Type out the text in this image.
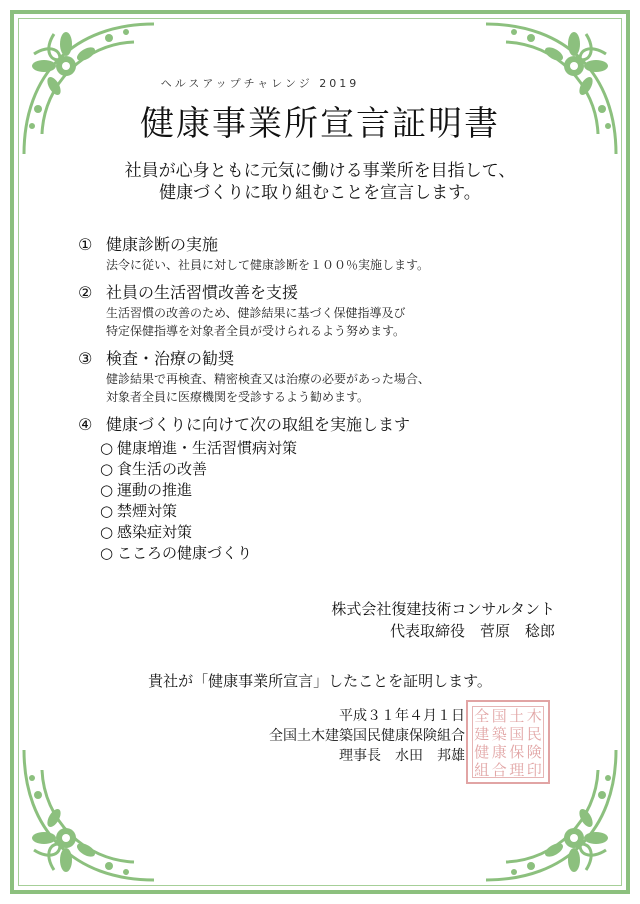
ヘルスアップチャレンジ 2019
健康事業所宣言証明書
社員が心身ともに元気に働ける事業所を目指して、
健康づくりに取り組むことを宣言します。
① 健康診断の実施
法令に従い、社員に対して健康診断を１００％実施します。
② 社員の生活習慣改善を支援
生活習慣の改善のため、健診結果に基づく保健指導及び
特定保健指導を対象者全員が受けられるよう努めます。
③ 検査・治療の勧奨
健診結果で再検査、精密検査又は治療の必要があった場合、
対象者全員に医療機関を受診するよう勧めます。
④ 健康づくりに向けて次の取組を実施します
○ 健康増進・生活習慣病対策
○ 食生活の改善
○ 運動の推進
○ 禁煙対策
○ 感染症対策
○ こころの健康づくり
株式会社復建技術コンサルタント
代表取締役　菅原　稔郎
貴社が「健康事業所宣言」したことを証明します。
平成３１年４月１日
全国土木建築国民健康保険組合
理事長　水田　邦雄
全 国 土 木
建 築 国 民
健 康 保 険
組 合 理 印
